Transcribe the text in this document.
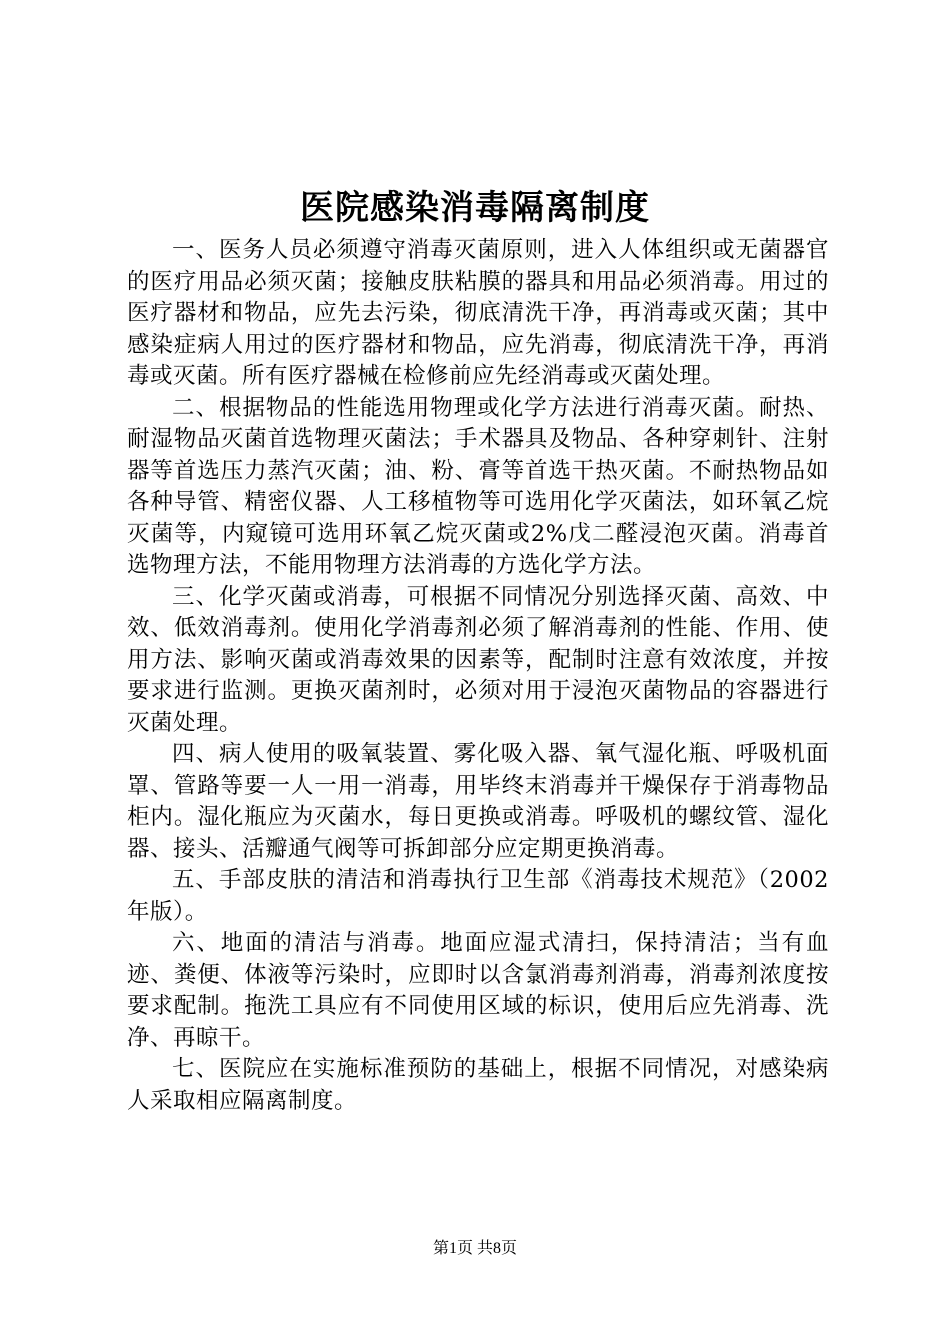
医院感染消毒隔离制度

一、医务人员必须遵守消毒灭菌原则，进入人体组织或无菌器官的医疗用品必须灭菌；接触皮肤粘膜的器具和用品必须消毒。用过的医疗器材和物品，应先去污染，彻底清洗干净，再消毒或灭菌；其中感染症病人用过的医疗器材和物品，应先消毒，彻底清洗干净，再消毒或灭菌。所有医疗器械在检修前应先经消毒或灭菌处理。

二、根据物品的性能选用物理或化学方法进行消毒灭菌。耐热、耐湿物品灭菌首选物理灭菌法；手术器具及物品、各种穿刺针、注射器等首选压力蒸汽灭菌；油、粉、膏等首选干热灭菌。不耐热物品如各种导管、精密仪器、人工移植物等可选用化学灭菌法，如环氧乙烷灭菌等，内窥镜可选用环氧乙烷灭菌或2%戊二醛浸泡灭菌。消毒首选物理方法，不能用物理方法消毒的方选化学方法。

三、化学灭菌或消毒，可根据不同情况分别选择灭菌、高效、中效、低效消毒剂。使用化学消毒剂必须了解消毒剂的性能、作用、使用方法、影响灭菌或消毒效果的因素等，配制时注意有效浓度，并按要求进行监测。更换灭菌剂时，必须对用于浸泡灭菌物品的容器进行灭菌处理。

四、病人使用的吸氧装置、雾化吸入器、氧气湿化瓶、呼吸机面罩、管路等要一人一用一消毒，用毕终末消毒并干燥保存于消毒物品柜内。湿化瓶应为灭菌水，每日更换或消毒。呼吸机的螺纹管、湿化器、接头、活瓣通气阀等可拆卸部分应定期更换消毒。

五、手部皮肤的清洁和消毒执行卫生部《消毒技术规范》（2002年版）。

六、地面的清洁与消毒。地面应湿式清扫，保持清洁；当有血迹、粪便、体液等污染时，应即时以含氯消毒剂消毒，消毒剂浓度按要求配制。拖洗工具应有不同使用区域的标识，使用后应先消毒、洗净、再晾干。

七、医院应在实施标准预防的基础上，根据不同情况，对感染病人采取相应隔离制度。

第1页 共8页
